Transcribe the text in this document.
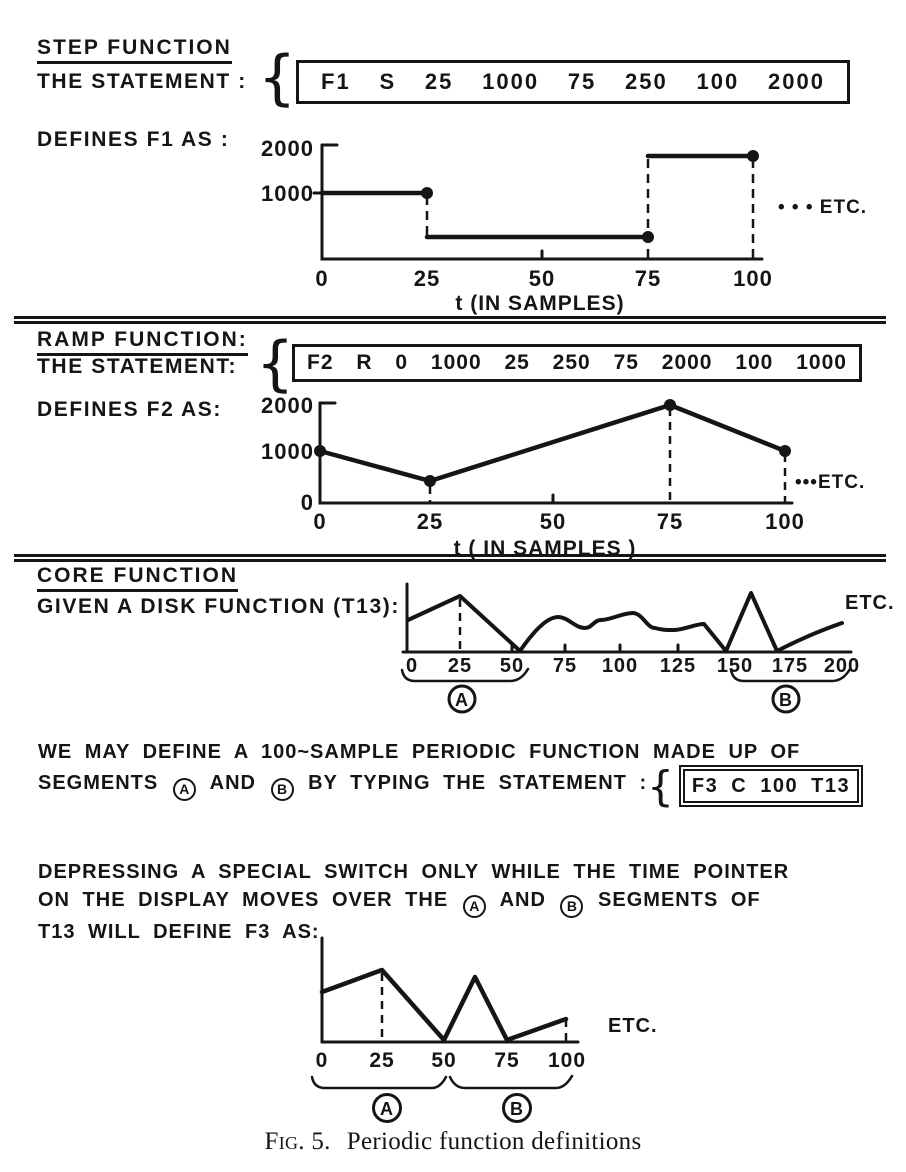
STEP FUNCTION
THE STATEMENT : { F1 S 25 1000 75 250 100 2000
DEFINES F1 AS : 2000
1000
0	25	50	75	100
• • • ETC.
t (IN SAMPLES)
RAMP FUNCTION:
THE STATEMENT: { F2 R 0 1000 25 250 75 2000 100 1000
DEFINES F2 AS: 2000
1000
0
0	25	50	75	100
•••ETC.
t ( IN SAMPLES )
CORE FUNCTION
GIVEN A DISK FUNCTION (T13):
0 25 50 75 100 125 150 175 200
ETC.
A	B
WE MAY DEFINE A 100~SAMPLE PERIODIC FUNCTION MADE UP OF
SEGMENTS A AND B BY TYPING THE STATEMENT :{ F3 C 100 T13
DEPRESSING A SPECIAL SWITCH ONLY WHILE THE TIME POINTER
ON THE DISPLAY MOVES OVER THE A AND B SEGMENTS OF
T13 WILL DEFINE F3 AS:
0 25 50 75 100
ETC.
A	B
Fig. 5. Periodic function definitions
